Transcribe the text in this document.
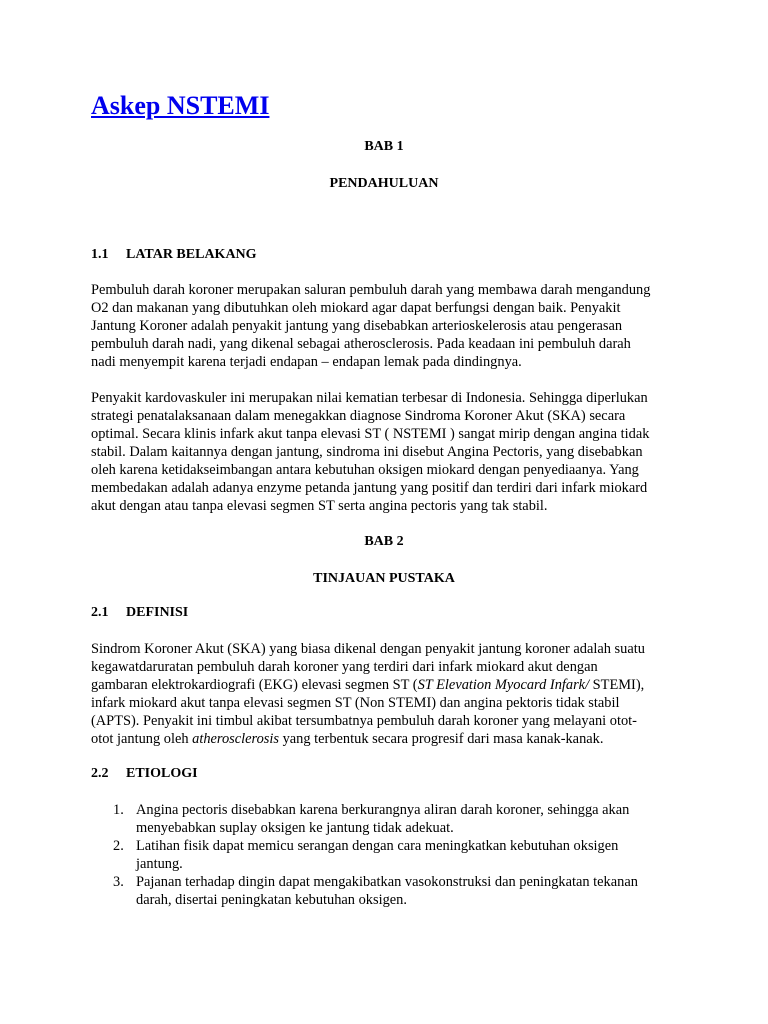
Askep NSTEMI

BAB 1

PENDAHULUAN

1.1 LATAR BELAKANG

Pembuluh darah koroner merupakan saluran pembuluh darah yang membawa darah mengandung

O2 dan makanan yang dibutuhkan oleh miokard agar dapat berfungsi dengan baik. Penyakit

Jantung Koroner adalah penyakit jantung yang disebabkan arterioskelerosis atau pengerasan

pembuluh darah nadi, yang dikenal sebagai atherosclerosis. Pada keadaan ini pembuluh darah

nadi menyempit karena terjadi endapan – endapan lemak pada dindingnya.

Penyakit kardovaskuler ini merupakan nilai kematian terbesar di Indonesia. Sehingga diperlukan

strategi penatalaksanaan dalam menegakkan diagnose Sindroma Koroner Akut (SKA) secara

optimal. Secara klinis infark akut tanpa elevasi ST ( NSTEMI ) sangat mirip dengan angina tidak

stabil. Dalam kaitannya dengan jantung, sindroma ini disebut Angina Pectoris, yang disebabkan

oleh karena ketidakseimbangan antara kebutuhan oksigen miokard dengan penyediaanya. Yang

membedakan adalah adanya enzyme petanda jantung yang positif dan terdiri dari infark miokard

akut dengan atau tanpa elevasi segmen ST serta angina pectoris yang tak stabil.

BAB 2

TINJAUAN PUSTAKA

2.1 DEFINISI

Sindrom Koroner Akut (SKA) yang biasa dikenal dengan penyakit jantung koroner adalah suatu

kegawatdaruratan pembuluh darah koroner yang terdiri dari infark miokard akut dengan

gambaran elektrokardiografi (EKG) elevasi segmen ST (ST Elevation Myocard Infark/ STEMI),

infark miokard akut tanpa elevasi segmen ST (Non STEMI) dan angina pektoris tidak stabil

(APTS). Penyakit ini timbul akibat tersumbatnya pembuluh darah koroner yang melayani otot-

otot jantung oleh atherosclerosis yang terbentuk secara progresif dari masa kanak-kanak.

2.2 ETIOLOGI

1. Angina pectoris disebabkan karena berkurangnya aliran darah koroner, sehingga akan

menyebabkan suplay oksigen ke jantung tidak adekuat.

2. Latihan fisik dapat memicu serangan dengan cara meningkatkan kebutuhan oksigen

jantung.

3. Pajanan terhadap dingin dapat mengakibatkan vasokonstruksi dan peningkatan tekanan

darah, disertai peningkatan kebutuhan oksigen.
